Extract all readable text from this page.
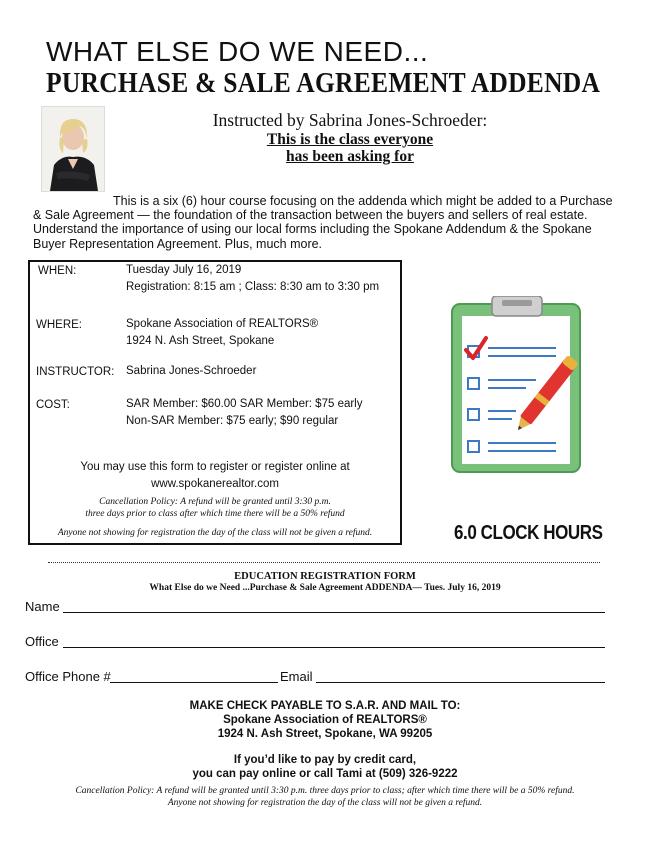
WHAT ELSE DO WE NEED...
PURCHASE & SALE AGREEMENT ADDENDA
Instructed by Sabrina Jones-Schroeder:
This is the class everyone
has been asking for
This is a six (6) hour course focusing on the addenda which might be added to a Purchase & Sale Agreement — the foundation of the transaction between the buyers and sellers of real estate. Understand the importance of using our local forms including the Spokane Addendum & the Spokane Buyer Representation Agreement. Plus, much more.
WHEN:	Tuesday July 16, 2019
Registration: 8:15 am ; Class: 8:30 am to 3:30 pm
WHERE:	Spokane Association of REALTORS®
1924 N. Ash Street, Spokane
INSTRUCTOR: Sabrina Jones-Schroeder
COST:	SAR Member: $60.00 SAR Member: $75 early
Non-SAR Member: $75 early; $90 regular
You may use this form to register or register online at
www.spokanerealtor.com
Cancellation Policy: A refund will be granted until 3:30 p.m.
three days prior to class after which time there will be a 50% refund
Anyone not showing for registration the day of the class will not be given a refund.	6.0 CLOCK HOURS
EDUCATION REGISTRATION FORM
What Else do we Need ...Purchase & Sale Agreement ADDENDA— Tues. July 16, 2019
Name
Office
Office Phone #	Email
MAKE CHECK PAYABLE TO S.A.R. AND MAIL TO:
Spokane Association of REALTORS®
1924 N. Ash Street, Spokane, WA 99205
If you’d like to pay by credit card,
you can pay online or call Tami at (509) 326-9222
Cancellation Policy: A refund will be granted until 3:30 p.m. three days prior to class; after which time there will be a 50% refund.
Anyone not showing for registration the day of the class will not be given a refund.
